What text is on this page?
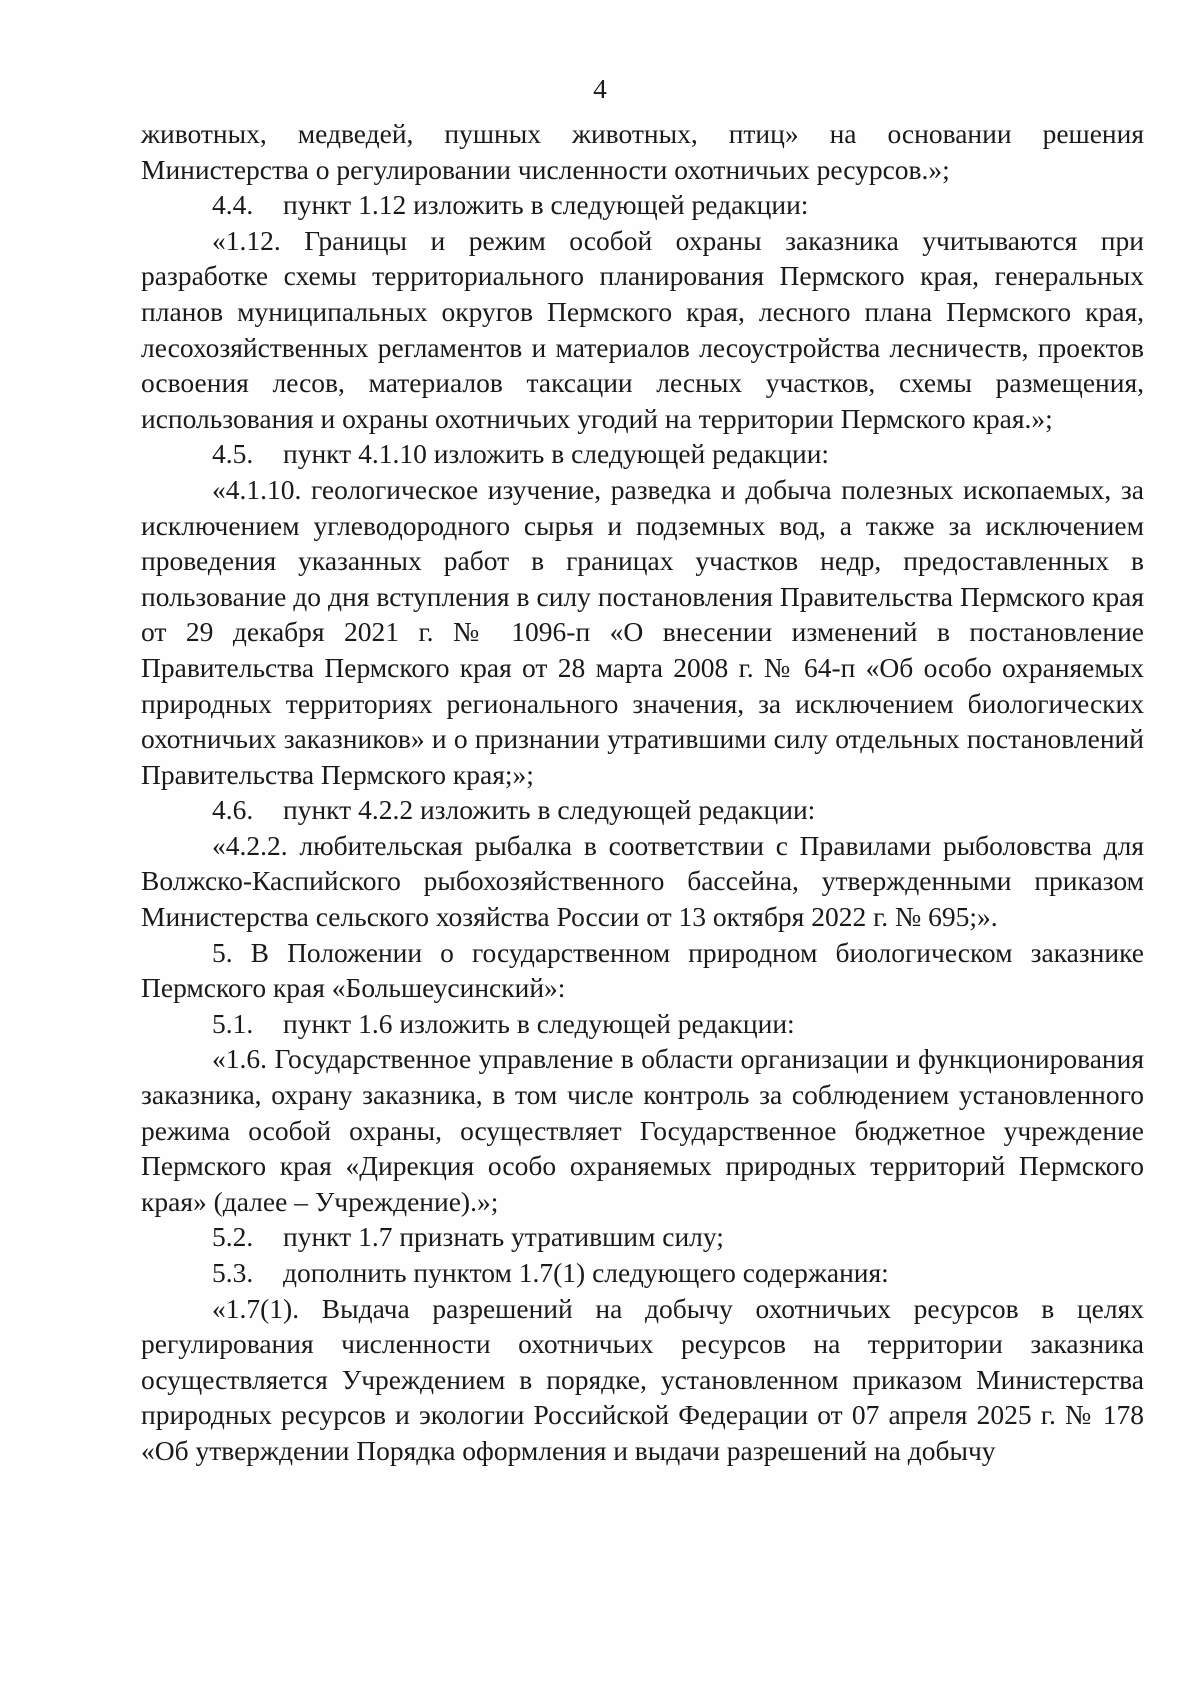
4

животных, медведей, пушных животных, птиц» на основании решения Министерства о регулировании численности охотничьих ресурсов.»;

4.4. пункт 1.12 изложить в следующей редакции:

«1.12. Границы и режим особой охраны заказника учитываются при разработке схемы территориального планирования Пермского края, генеральных планов муниципальных округов Пермского края, лесного плана Пермского края, лесохозяйственных регламентов и материалов лесоустройства лесничеств, проектов освоения лесов, материалов таксации лесных участков, схемы размещения, использования и охраны охотничьих угодий на территории Пермского края.»;

4.5. пункт 4.1.10 изложить в следующей редакции:

«4.1.10. геологическое изучение, разведка и добыча полезных ископаемых, за исключением углеводородного сырья и подземных вод, а также за исключением проведения указанных работ в границах участков недр, предоставленных в пользование до дня вступления в силу постановления Правительства Пермского края от 29 декабря 2021 г. № 1096-п «О внесении изменений в постановление Правительства Пермского края от 28 марта 2008 г. № 64-п «Об особо охраняемых природных территориях регионального значения, за исключением биологических охотничьих заказников» и о признании утратившими силу отдельных постановлений Правительства Пермского края;»;

4.6. пункт 4.2.2 изложить в следующей редакции:

«4.2.2. любительская рыбалка в соответствии с Правилами рыболовства для Волжско-Каспийского рыбохозяйственного бассейна, утвержденными приказом Министерства сельского хозяйства России от 13 октября 2022 г. № 695;».

5. В Положении о государственном природном биологическом заказнике Пермского края «Большеусинский»:

5.1. пункт 1.6 изложить в следующей редакции:

«1.6. Государственное управление в области организации и функционирования заказника, охрану заказника, в том числе контроль за соблюдением установленного режима особой охраны, осуществляет Государственное бюджетное учреждение Пермского края «Дирекция особо охраняемых природных территорий Пермского края» (далее – Учреждение).»;

5.2. пункт 1.7 признать утратившим силу;

5.3. дополнить пунктом 1.7(1) следующего содержания:

«1.7(1). Выдача разрешений на добычу охотничьих ресурсов в целях регулирования численности охотничьих ресурсов на территории заказника осуществляется Учреждением в порядке, установленном приказом Министерства природных ресурсов и экологии Российской Федерации от 07 апреля 2025 г. № 178 «Об утверждении Порядка оформления и выдачи разрешений на добычу
